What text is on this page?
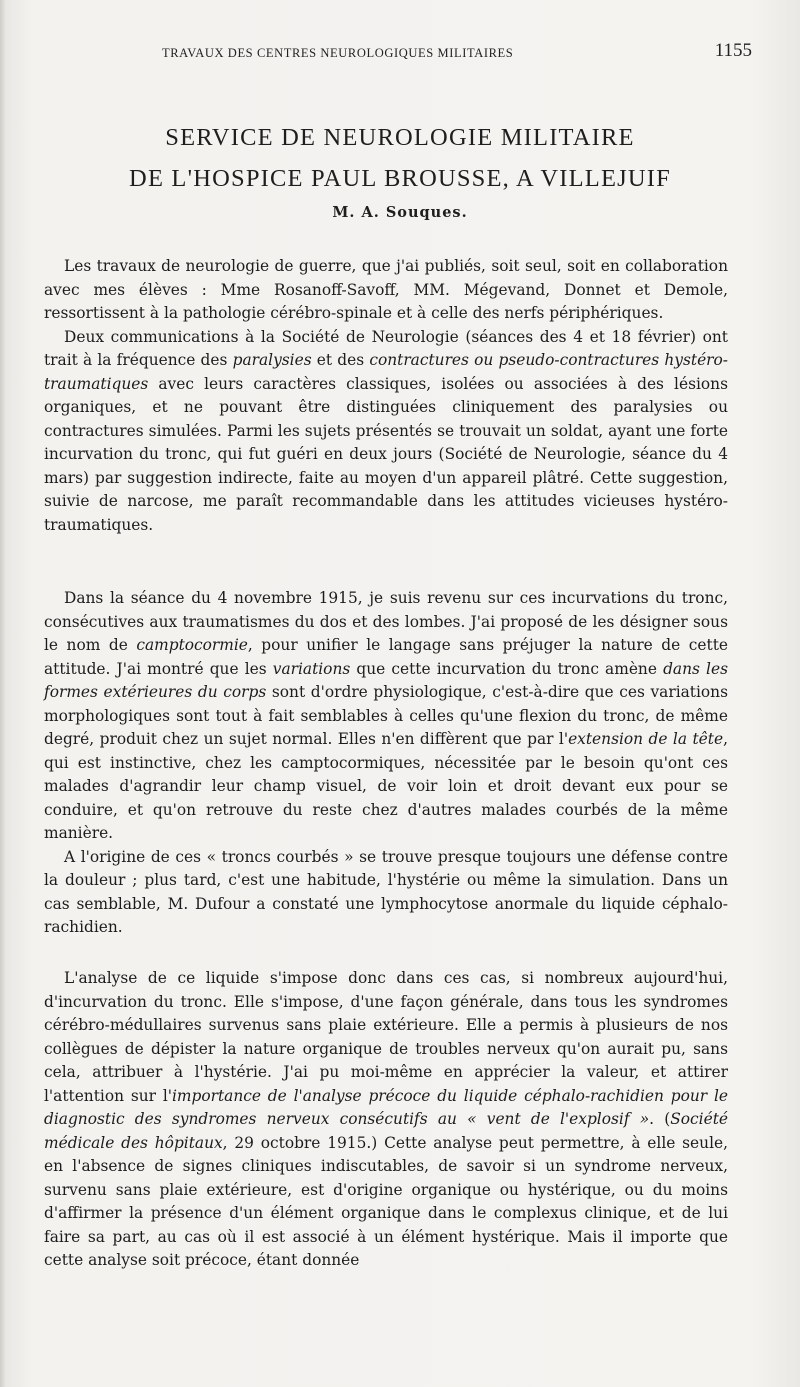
TRAVAUX DES CENTRES NEUROLOGIQUES MILITAIRES	1155
SERVICE DE NEUROLOGIE MILITAIRE
DE L'HOSPICE PAUL BROUSSE, A VILLEJUIF
M. A. Souques.

Les travaux de neurologie de guerre, que j'ai publiés, soit seul, soit en collaboration avec mes élèves : Mme Rosanoff-Savoff, MM. Mégevand, Donnet et Demole, ressortissent à la pathologie cérébro-spinale et à celle des nerfs périphériques.

Deux communications à la Société de Neurologie (séances des 4 et 18 février) ont trait à la fréquence des paralysies et des contractures ou pseudo-contractures hystéro-traumatiques avec leurs caractères classiques, isolées ou associées à des lésions organiques, et ne pouvant être distinguées cliniquement des paralysies ou contractures simulées. Parmi les sujets présentés se trouvait un soldat, ayant une forte incurvation du tronc, qui fut guéri en deux jours (Société de Neurologie, séance du 4 mars) par suggestion indirecte, faite au moyen d'un appareil plâtré. Cette suggestion, suivie de narcose, me paraît recommandable dans les attitudes vicieuses hystéro-traumatiques.

Dans la séance du 4 novembre 1915, je suis revenu sur ces incurvations du tronc, consécutives aux traumatismes du dos et des lombes. J'ai proposé de les désigner sous le nom de camptocormie, pour unifier le langage sans préjuger la nature de cette attitude. J'ai montré que les variations que cette incurvation du tronc amène dans les formes extérieures du corps sont d'ordre physiologique, c'est-à-dire que ces variations morphologiques sont tout à fait semblables à celles qu'une flexion du tronc, de même degré, produit chez un sujet normal. Elles n'en diffèrent que par l'extension de la tête, qui est instinctive, chez les camptocormiques, nécessitée par le besoin qu'ont ces malades d'agrandir leur champ visuel, de voir loin et droit devant eux pour se conduire, et qu'on retrouve du reste chez d'autres malades courbés de la même manière.

A l'origine de ces « troncs courbés » se trouve presque toujours une défense contre la douleur ; plus tard, c'est une habitude, l'hystérie ou même la simulation. Dans un cas semblable, M. Dufour a constaté une lymphocytose anormale du liquide céphalo-rachidien.

L'analyse de ce liquide s'impose donc dans ces cas, si nombreux aujourd'hui, d'incurvation du tronc. Elle s'impose, d'une façon générale, dans tous les syndromes cérébro-médullaires survenus sans plaie extérieure. Elle a permis à plusieurs de nos collègues de dépister la nature organique de troubles nerveux qu'on aurait pu, sans cela, attribuer à l'hystérie. J'ai pu moi-même en apprécier la valeur, et attirer l'attention sur l'importance de l'analyse précoce du liquide céphalo-rachidien pour le diagnostic des syndromes nerveux consécutifs au « vent de l'explosif ». (Société médicale des hôpitaux, 29 octobre 1915.) Cette analyse peut permettre, à elle seule, en l'absence de signes cliniques indiscutables, de savoir si un syndrome nerveux, survenu sans plaie extérieure, est d'origine organique ou hystérique, ou du moins d'affirmer la présence d'un élément organique dans le complexus clinique, et de lui faire sa part, au cas où il est associé à un élément hystérique. Mais il importe que cette analyse soit précoce, étant donnée
